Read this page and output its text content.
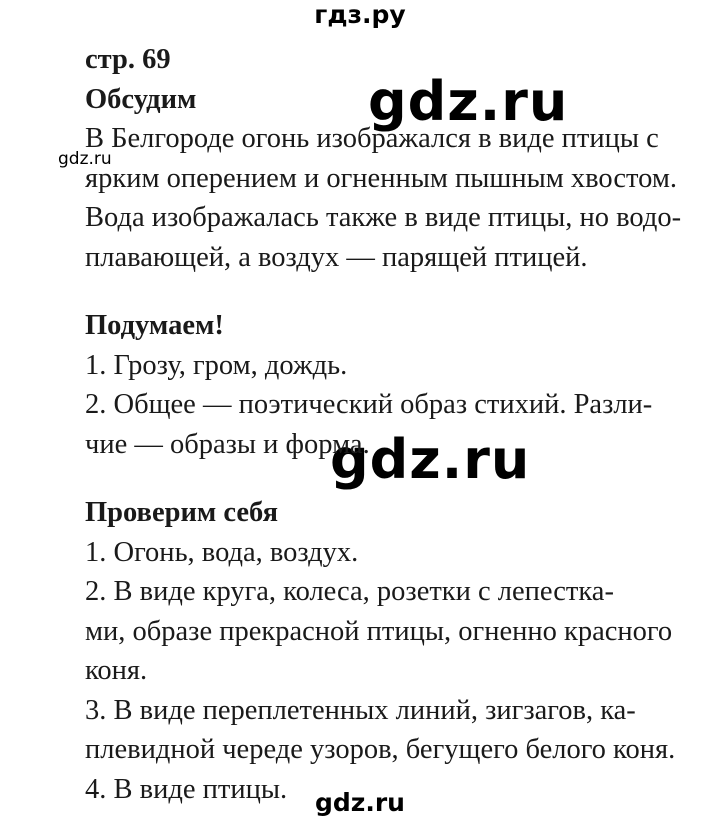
гдз.ру
gdz.ru
gdz.ru
gdz.ru
gdz.ru
стр. 69
Обсудим
В Белгороде огонь изображался в виде птицы с
ярким оперением и огненным пышным хвостом.
Вода изображалась также в виде птицы, но водо-
плавающей, а воздух — парящей птицей.
Подумаем!
1. Грозу, гром, дождь.
2. Общее — поэтический образ стихий. Разли-
чие — образы и форма.
Проверим себя
1. Огонь, вода, воздух.
2. В виде круга, колеса, розетки с лепестка-
ми, образе прекрасной птицы, огненно красного
коня.
3. В виде переплетенных линий, зигзагов, ка-
плевидной череде узоров, бегущего белого коня.
4. В виде птицы.
